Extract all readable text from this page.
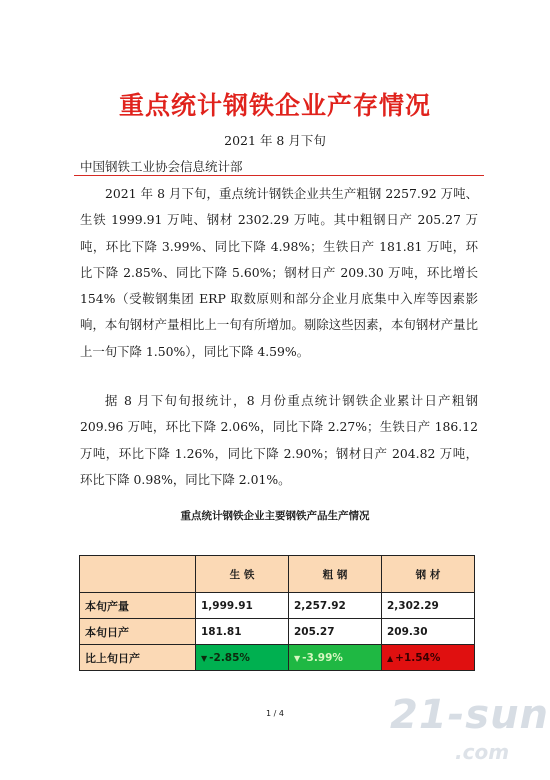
重点统计钢铁企业产存情况
2021 年 8 月下旬
中国钢铁工业协会信息统计部

2021 年 8 月下旬，重点统计钢铁企业共生产粗钢 2257.92 万吨、生铁 1999.91 万吨、钢材 2302.29 万吨。其中粗钢日产 205.27 万吨，环比下降 3.99%、同比下降 4.98%；生铁日产 181.81 万吨，环比下降 2.85%、同比下降 5.60%；钢材日产 209.30 万吨，环比增长 154%（受鞍钢集团 ERP 取数原则和部分企业月底集中入库等因素影响，本旬钢材产量相比上一旬有所增加。剔除这些因素，本旬钢材产量比上一旬下降 1.50%），同比下降 4.59%。

据 8 月下旬旬报统计，8 月份重点统计钢铁企业累计日产粗钢 209.96 万吨，环比下降 2.06%，同比下降 2.27%；生铁日产 186.12 万吨，环比下降 1.26%，同比下降 2.90%；钢材日产 204.82 万吨，环比下降 0.98%，同比下降 2.01%。

重点统计钢铁企业主要钢铁产品生产情况
	生 铁	粗 钢	钢 材
本旬产量	1,999.91	2,257.92	2,302.29
本旬日产	181.81	205.27	209.30
比上旬日产	▼ -2.85%	▼ -3.99%	▲ +1.54%
1 / 4	21-sun
.com
